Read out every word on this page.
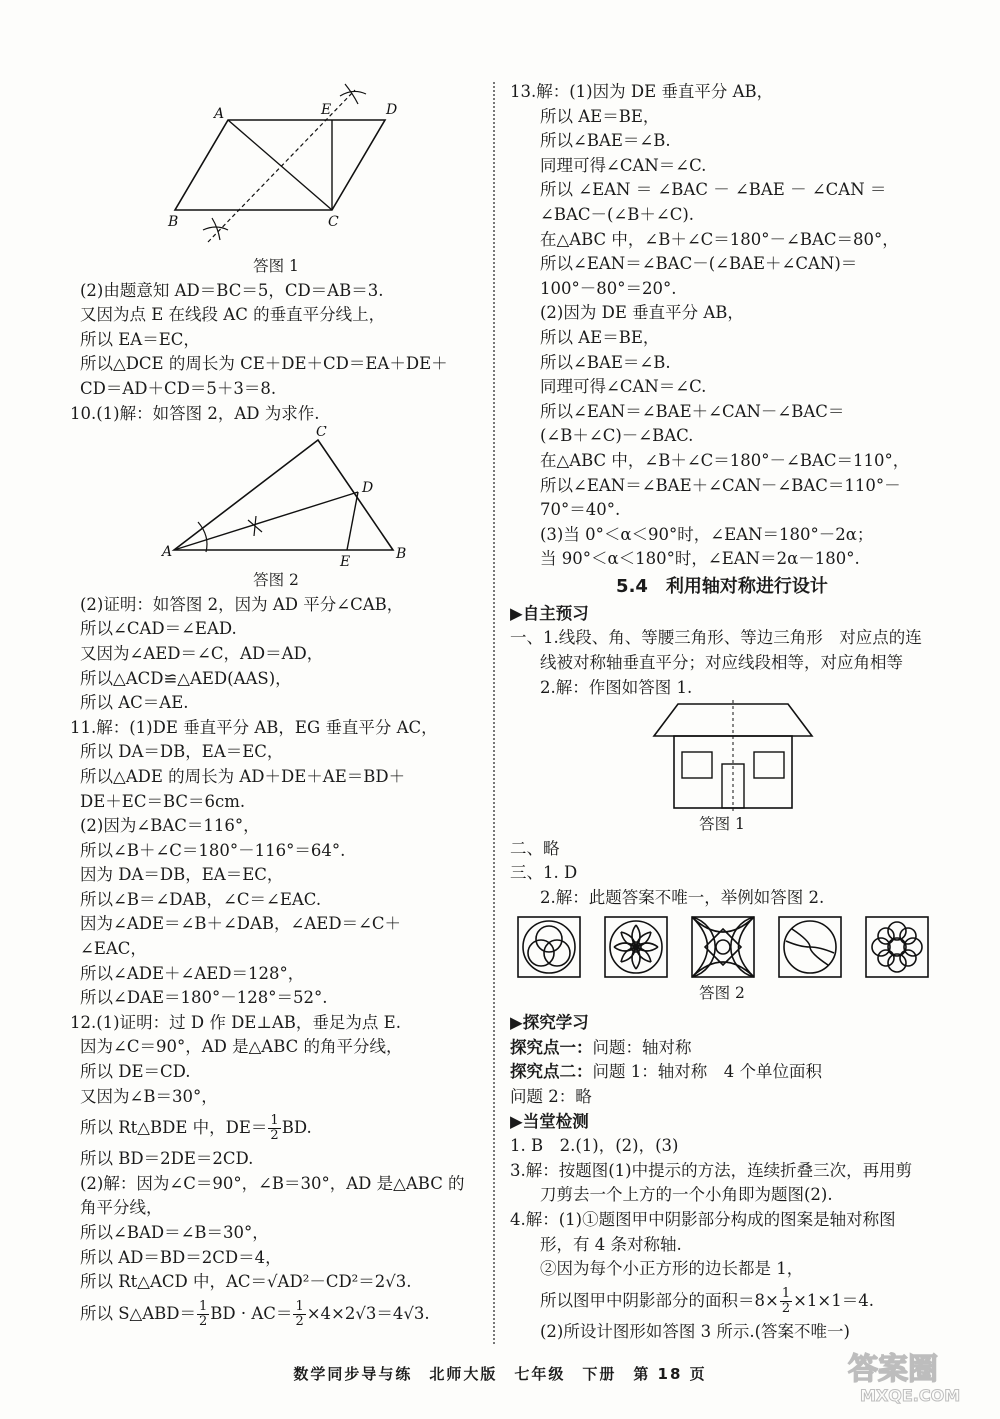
A
B	C
D
E
答图 1
(2)由题意知 AD＝BC＝5，CD＝AB＝3.
又因为点 E 在线段 AC 的垂直平分线上，
所以 EA＝EC，
所以△DCE 的周长为 CE＋DE＋CD＝EA＋DE＋
CD＝AD＋CD＝5＋3＝8.
10.(1)解：如答图 2，AD 为求作.
A	B
C
D
E
答图 2
(2)证明：如答图 2，因为 AD 平分∠CAB，
所以∠CAD＝∠EAD.
又因为∠AED＝∠C，AD＝AD，
所以△ACD≌△AED(AAS)，
所以 AC＝AE.
11.解：(1)DE 垂直平分 AB，EG 垂直平分 AC，
所以 DA＝DB，EA＝EC，
所以△ADE 的周长为 AD＋DE＋AE＝BD＋
DE＋EC＝BC＝6cm.
(2)因为∠BAC＝116°，
所以∠B＋∠C＝180°－116°＝64°.
因为 DA＝DB，EA＝EC，
所以∠B＝∠DAB，∠C＝∠EAC.
因为∠ADE＝∠B＋∠DAB，∠AED＝∠C＋
∠EAC，
所以∠ADE＋∠AED＝128°，
所以∠DAE＝180°－128°＝52°.
12.(1)证明：过 D 作 DE⊥AB，垂足为点 E.
因为∠C＝90°，AD 是△ABC 的角平分线，
所以 DE＝CD.
又因为∠B＝30°，
所以 Rt△BDE 中，$DE= \frac{1}{2}$ BD.
所以 BD＝2DE＝2CD.
(2)解：因为∠C＝90°，∠B＝30°，AD 是△ABC 的
角平分线，
所以∠BAD＝∠B＝30°，
所以 AD＝BD＝2CD＝4，
所以 Rt△ACD 中，AC＝√AD²－CD²＝2√3.
所以 S△ABD＝ $\frac{1}{2}$ BD · $AC= \frac{1}{2} \times 4\times 2√3=4√3$.
13.解：(1)因为 DE 垂直平分 AB，
所以 AE＝BE，
所以∠BAE＝∠B.
同理可得∠CAN＝∠C.
所以 ∠EAN ＝ ∠BAC － ∠BAE － ∠CAN ＝
∠BAC－(∠B＋∠C).
在△ABC 中，∠B＋∠C＝180°－∠BAC＝80°，
所以∠EAN＝∠BAC－(∠BAE＋∠CAN)＝
100°－80°＝20°.
(2)因为 DE 垂直平分 AB，
所以 AE＝BE，
所以∠BAE＝∠B.
同理可得∠CAN＝∠C.
所以∠EAN＝∠BAE＋∠CAN－∠BAC＝
(∠B＋∠C)－∠BAC.
在△ABC 中，∠B＋∠C＝180°－∠BAC＝110°，
所以∠EAN＝∠BAE＋∠CAN－∠BAC＝110°－
70°＝40°.
(3)当 0°＜α＜90°时，∠EAN＝180°－2α；
当 90°＜α＜180°时，∠EAN＝2α－180°.
5.4　利用轴对称进行设计
▶自主预习
一、1.线段、角、等腰三角形、等边三角形　对应点的连
线被对称轴垂直平分；对应线段相等，对应角相等
2.解：作图如答图 1.
答图 1
二、略
三、1. D
2.解：此题答案不唯一，举例如答图 2.
答图 2
▶探究学习
探究点一：问题：轴对称
探究点二：问题 1：轴对称　4 个单位面积
问题 2：略
▶当堂检测
1. B　2.(1)，(2)，(3)
3.解：按题图(1)中提示的方法，连续折叠三次，再用剪
刀剪去一个上方的一个小角即为题图(2).
4.解：(1)①题图甲中阴影部分构成的图案是轴对称图
形，有 4 条对称轴.
②因为每个小正方形的边长都是 1，
所以图甲中阴影部分的面积$=8\times \frac{1}{2} \times 1\times 1=4$.
(2)所设计图形如答图 3 所示.(答案不唯一)
数学同步导与练　北师大版　七年级　下册　第 18 页	答案圈
MXQE.COM
